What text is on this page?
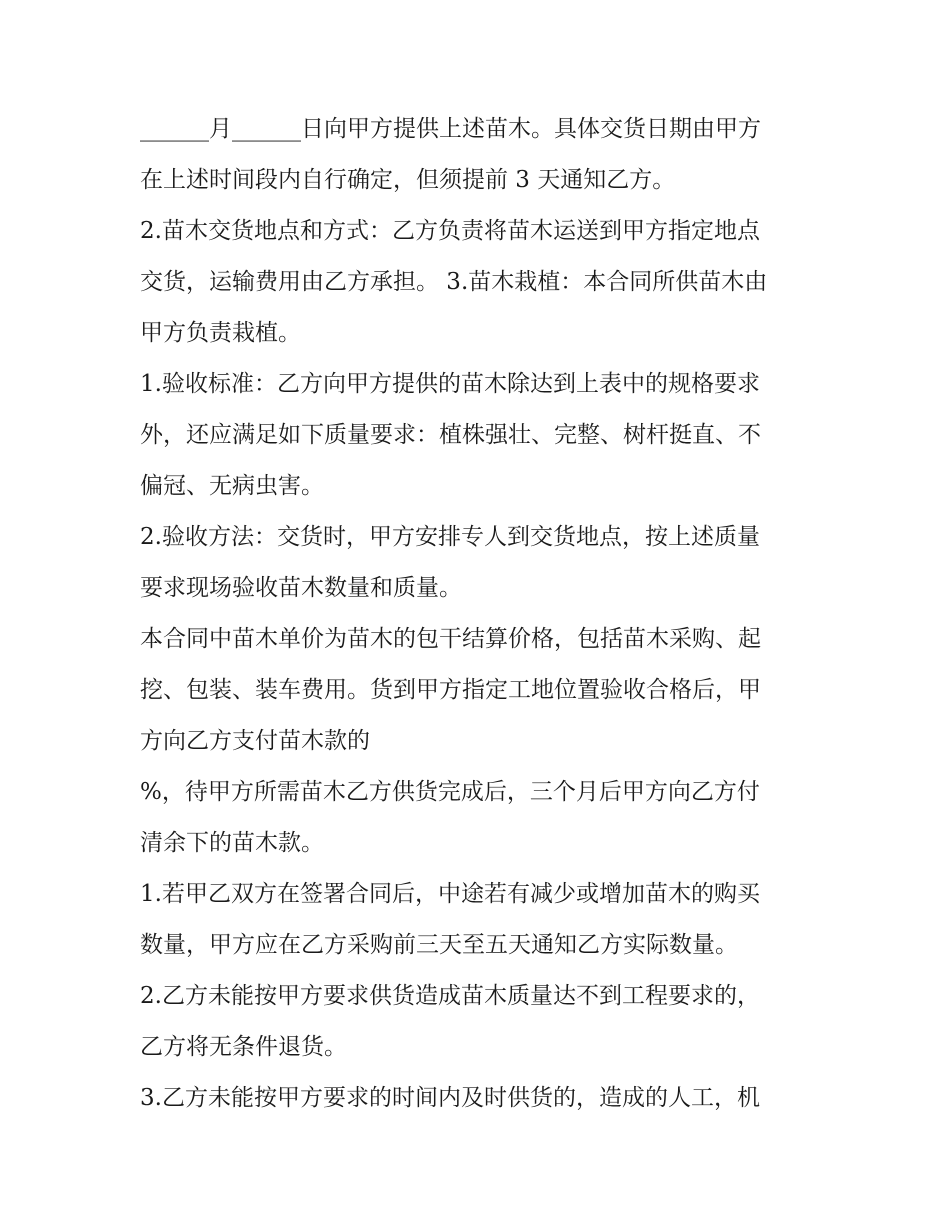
______月______日向甲方提供上述苗木。具体交货日期由甲方
在上述时间段内自行确定，但须提前 3 天通知乙方。
2.苗木交货地点和方式：乙方负责将苗木运送到甲方指定地点
交货，运输费用由乙方承担。 3.苗木栽植：本合同所供苗木由
甲方负责栽植。
1.验收标准：乙方向甲方提供的苗木除达到上表中的规格要求
外，还应满足如下质量要求：植株强壮、完整、树杆挺直、不
偏冠、无病虫害。
2.验收方法：交货时，甲方安排专人到交货地点，按上述质量
要求现场验收苗木数量和质量。
本合同中苗木单价为苗木的包干结算价格，包括苗木采购、起
挖、包装、装车费用。货到甲方指定工地位置验收合格后，甲
方向乙方支付苗木款的
%，待甲方所需苗木乙方供货完成后，三个月后甲方向乙方付
清余下的苗木款。
1.若甲乙双方在签署合同后，中途若有减少或增加苗木的购买
数量，甲方应在乙方采购前三天至五天通知乙方实际数量。
2.乙方未能按甲方要求供货造成苗木质量达不到工程要求的，
乙方将无条件退货。
3.乙方未能按甲方要求的时间内及时供货的，造成的人工，机
